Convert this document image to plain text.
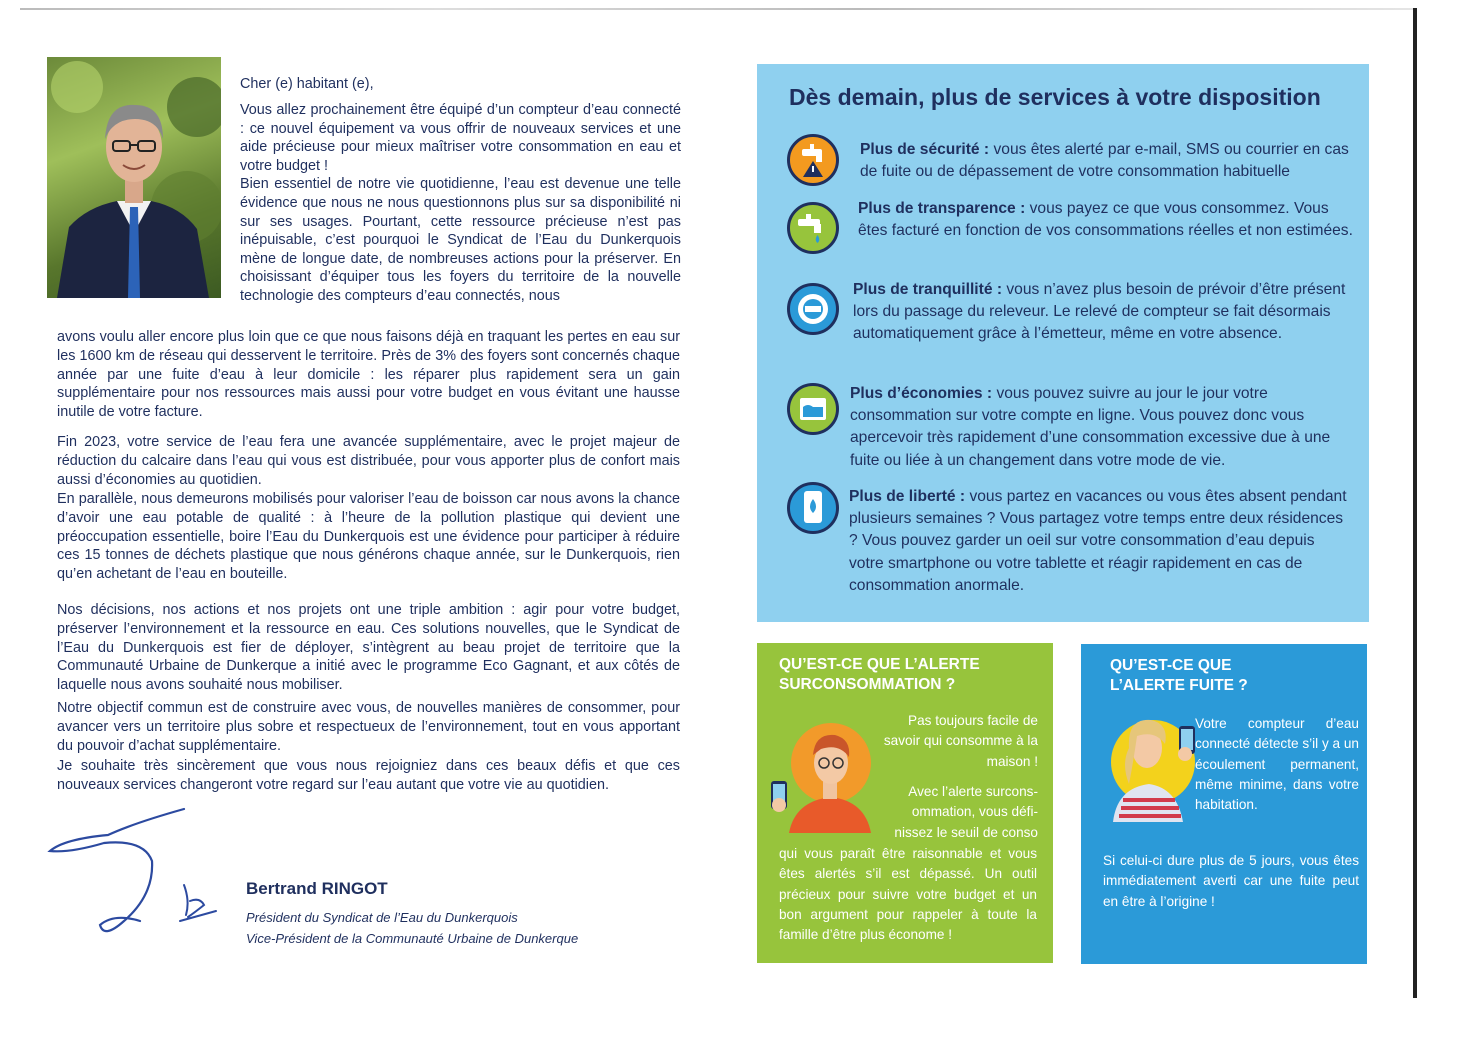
Cher (e) habitant (e),

Vous allez prochainement être équipé d’un compteur d’eau connecté : ce nouvel équipement va vous offrir de nouveaux services et une aide précieuse pour mieux maîtriser votre consommation en eau et votre budget !

Bien essentiel de notre vie quotidienne, l’eau est devenue une telle évidence que nous ne nous questionnons plus sur sa disponibilité ni sur ses usages. Pourtant, cette ressource précieuse n’est pas inépuisable, c’est pourquoi le Syndicat de l’Eau du Dunkerquois mène de longue date, de nombreuses actions pour la préserver. En choisissant d’équiper tous les foyers du territoire de la nouvelle technologie des compteurs d’eau connectés, nous

avons voulu aller encore plus loin que ce que nous faisons déjà en traquant les pertes en eau sur les 1600 km de réseau qui desservent le territoire. Près de 3% des foyers sont concernés chaque année par une fuite d’eau à leur domicile : les réparer plus rapidement sera un gain supplémentaire pour nos ressources mais aussi pour votre budget en vous évitant une hausse inutile de votre facture.

Fin 2023, votre service de l’eau fera une avancée supplémentaire, avec le projet majeur de réduction du calcaire dans l’eau qui vous est distribuée, pour vous apporter plus de confort mais aussi d’économies au quotidien.

En parallèle, nous demeurons mobilisés pour valoriser l’eau de boisson car nous avons la chance d’avoir une eau potable de qualité : à l’heure de la pollution plastique qui devient une préoccupation essentielle, boire l’Eau du Dunkerquois est une évidence pour participer à réduire ces 15 tonnes de déchets plastique que nous générons chaque année, sur le Dunkerquois, rien qu’en achetant de l’eau en bouteille.

Nos décisions, nos actions et nos projets ont une triple ambition : agir pour votre budget, préserver l’environnement et la ressource en eau. Ces solutions nouvelles, que le Syndicat de l’Eau du Dunkerquois est fier de déployer, s’intègrent au beau projet de territoire que la Communauté Urbaine de Dunkerque a initié avec le programme Eco Gagnant, et aux côtés de laquelle nous avons souhaité nous mobiliser.

Notre objectif commun est de construire avec vous, de nouvelles manières de consommer, pour avancer vers un territoire plus sobre et respectueux de l’environnement, tout en vous apportant du pouvoir d’achat supplémentaire.

Je souhaite très sincèrement que vous nous rejoigniez dans ces beaux défis et que ces nouveaux services changeront votre regard sur l’eau autant que votre vie au quotidien.

Bertrand RINGOT
Président du Syndicat de l’Eau du Dunkerquois
Vice-Président de la Communauté Urbaine de Dunkerque
Dès demain, plus de services à votre disposition
Plus de sécurité : vous êtes alerté par e-mail, SMS ou courrier en cas de fuite ou de dépassement de votre consommation habituelle
Plus de transparence : vous payez ce que vous consommez. Vous êtes facturé en fonction de vos consommations réelles et non estimées.
Plus de tranquillité : vous n’avez plus besoin de prévoir d’être présent lors du passage du releveur. Le relevé de compteur se fait désormais automatiquement grâce à l’émetteur, même en votre absence.
Plus d’économies : vous pouvez suivre au jour le jour votre consommation sur votre compte en ligne. Vous pouvez donc vous apercevoir très rapidement d’une consommation excessive due à une fuite ou liée à un changement dans votre mode de vie.
Plus de liberté : vous partez en vacances ou vous êtes absent pendant plusieurs semaines ? Vous partagez votre temps entre deux résidences ? Vous pouvez garder un oeil sur votre consommation d’eau depuis votre smartphone ou votre tablette et réagir rapidement en cas de consommation anormale.
QU’EST-CE QUE L’ALERTE
SURCONSOMMATION ?
Pas toujours facile de savoir qui consomme à la maison !
Avec l’alerte surcons-ommation, vous défi-nissez le seuil de conso
qui vous paraît être raisonnable et vous êtes alertés s’il est dépassé. Un outil précieux pour suivre votre budget et un bon argument pour rappeler à toute la famille d’être plus économe !
QU’EST-CE QUE
L’ALERTE FUITE ?
Votre compteur d’eau connecté détecte s’il y a un écoulement permanent, même minime, dans votre habitation.
Si celui-ci dure plus de 5 jours, vous êtes immédiatement averti car une fuite peut en être à l’origine !
